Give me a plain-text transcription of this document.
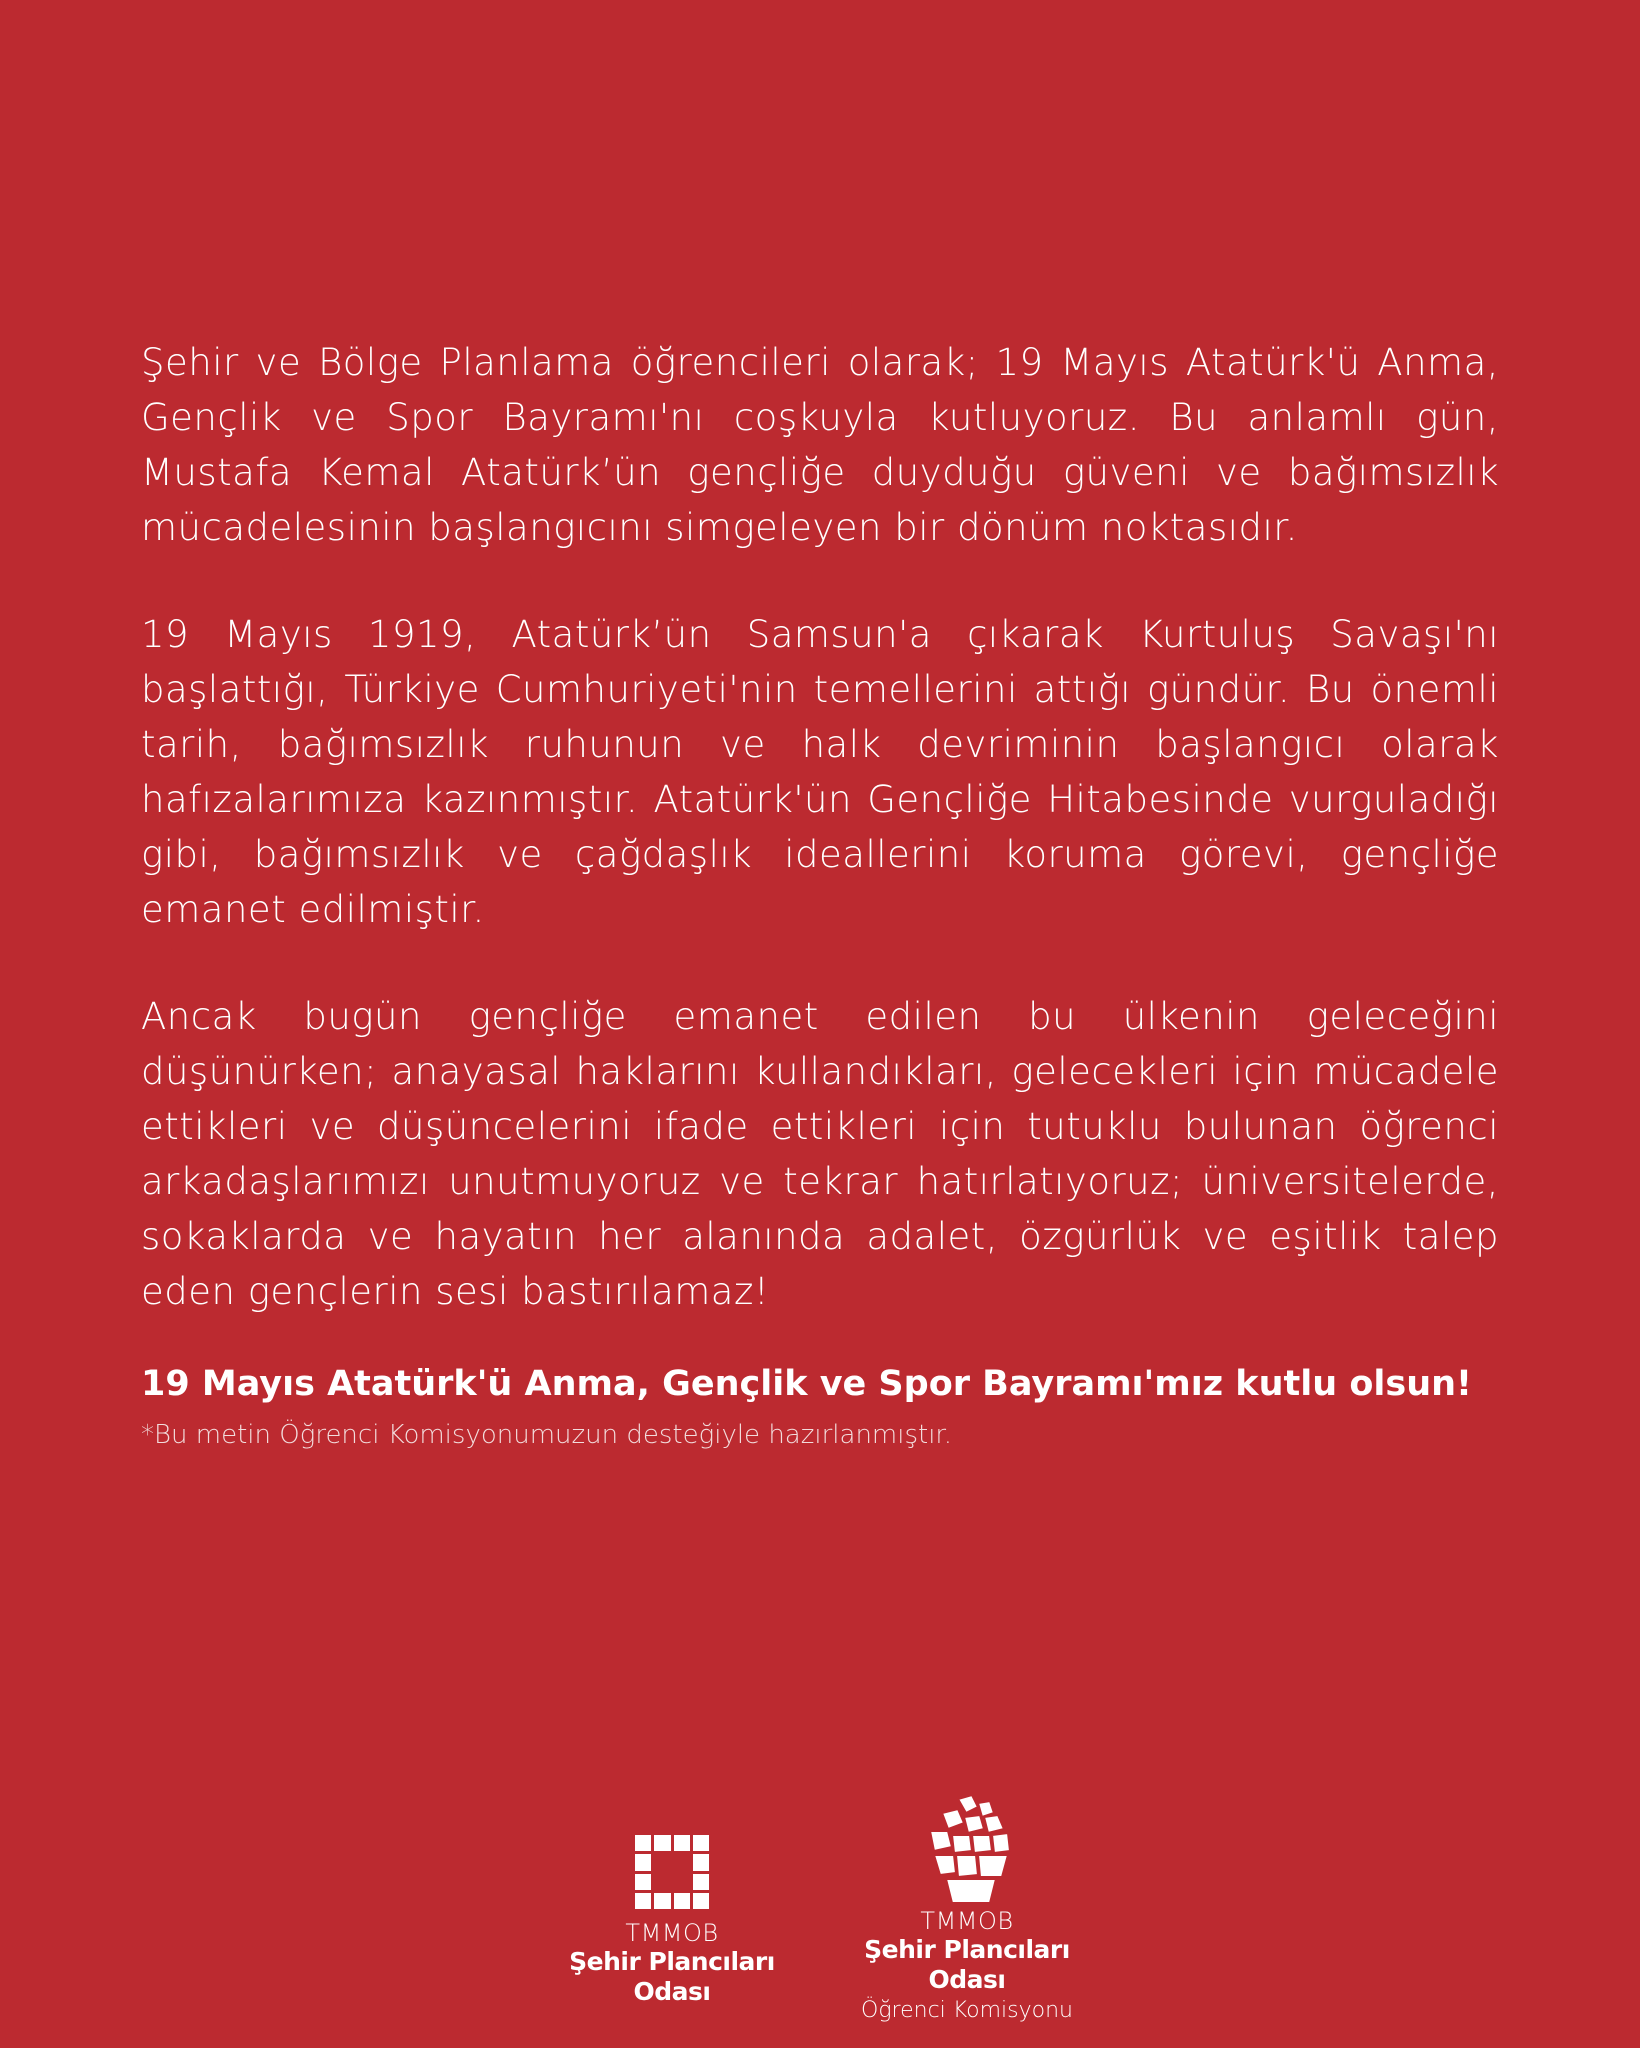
Şehir ve Bölge Planlama öğrencileri olarak; 19 Mayıs Atatürk'ü Anma, Gençlik ve Spor Bayramı'nı coşkuyla kutluyoruz. Bu anlamlı gün, Mustafa Kemal Atatürk’ün gençliğe duyduğu güveni ve bağımsızlık mücadelesinin başlangıcını simgeleyen bir dönüm noktasıdır.

19 Mayıs 1919, Atatürk’ün Samsun'a çıkarak Kurtuluş Savaşı'nı başlattığı, Türkiye Cumhuriyeti'nin temellerini attığı gündür. Bu önemli tarih, bağımsızlık ruhunun ve halk devriminin başlangıcı olarak hafızalarımıza kazınmıştır. Atatürk'ün Gençliğe Hitabesinde vurguladığı gibi, bağımsızlık ve çağdaşlık ideallerini koruma görevi, gençliğe emanet edilmiştir.

Ancak bugün gençliğe emanet edilen bu ülkenin geleceğini düşünürken; anayasal haklarını kullandıkları, gelecekleri için mücadele ettikleri ve düşüncelerini ifade ettikleri için tutuklu bulunan öğrenci arkadaşlarımızı unutmuyoruz ve tekrar hatırlatıyoruz; üniversitelerde, sokaklarda ve hayatın her alanında adalet, özgürlük ve eşitlik talep eden gençlerin sesi bastırılamaz!

19 Mayıs Atatürk'ü Anma, Gençlik ve Spor Bayramı'mız kutlu olsun!

*Bu metin Öğrenci Komisyonumuzun desteğiyle hazırlanmıştır.

TMMOB
Şehir Plancıları Odası
TMMOB
Şehir Plancıları Odası
Öğrenci Komisyonu
